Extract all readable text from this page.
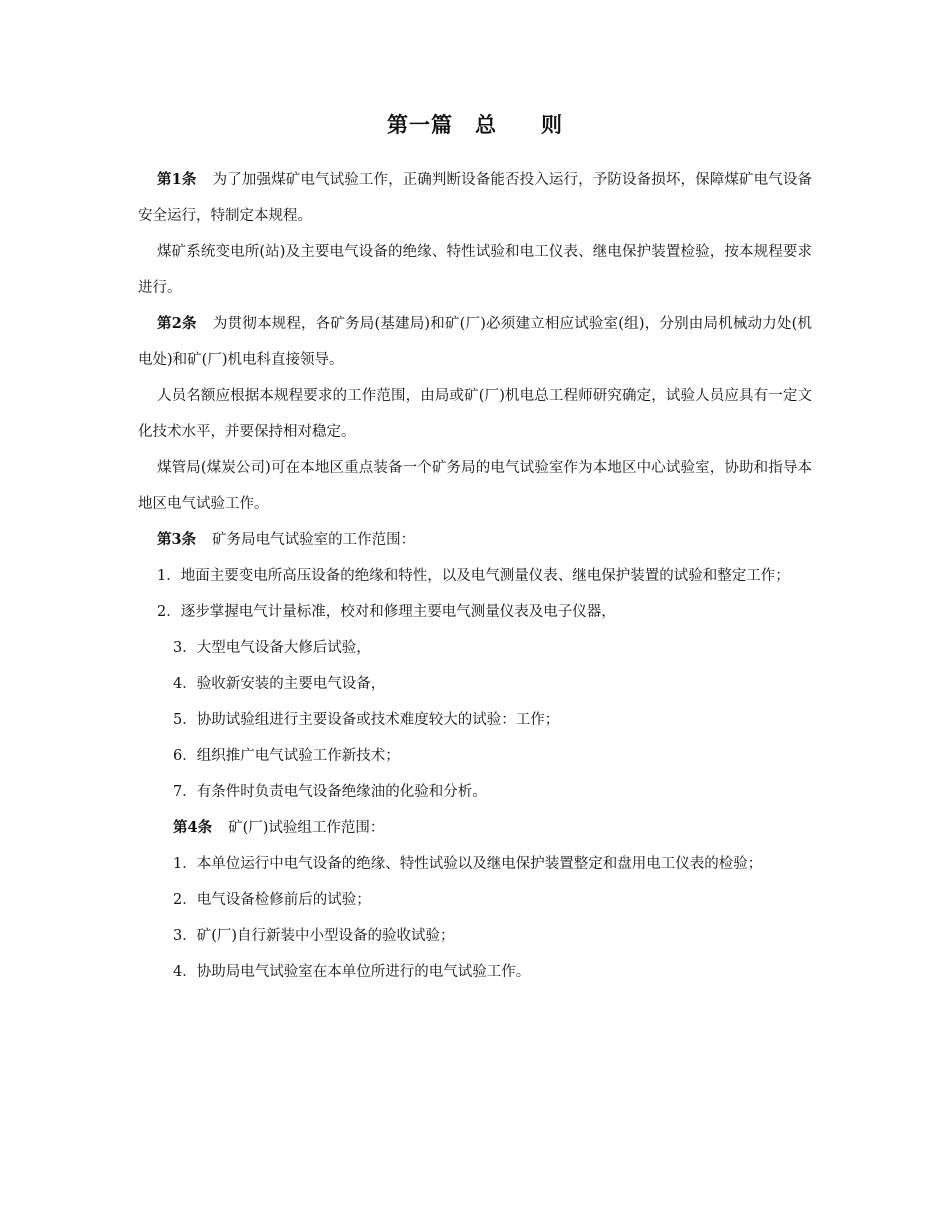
第一篇　总　　则

第1条 为了加强煤矿电气试验工作，正确判断设备能否投入运行，予防设备损坏，保障煤矿电气设备安全运行，特制定本规程。

煤矿系统变电所(站)及主要电气设备的绝缘、特性试验和电工仪表、继电保护装置检验，按本规程要求进行。

第2条 为贯彻本规程，各矿务局(基建局)和矿(厂)必须建立相应试验室(组)，分别由局机械动力处(机电处)和矿(厂)机电科直接领导。

人员名额应根据本规程要求的工作范围，由局或矿(厂)机电总工程师研究确定，试验人员应具有一定文化技术水平，并要保持相对稳定。

煤管局(煤炭公司)可在本地区重点装备一个矿务局的电气试验室作为本地区中心试验室，协助和指导本地区电气试验工作。

第3条 矿务局电气试验室的工作范围：

1．地面主要变电所高压设备的绝缘和特性，以及电气测量仪表、继电保护装置的试验和整定工作；

2．逐步掌握电气计量标准，校对和修理主要电气测量仪表及电子仪器，

3．大型电气设备大修后试验，

4．验收新安装的主要电气设备，

5．协助试验组进行主要设备或技术难度较大的试验：工作；

6．组织推广电气试验工作新技术；

7．有条件时负责电气设备绝缘油的化验和分析。

第4条 矿(厂)试验组工作范围：

1．本单位运行中电气设备的绝缘、特性试验以及继电保护装置整定和盘用电工仪表的检验；

2．电气设备检修前后的试验；

3．矿(厂)自行新装中小型设备的验收试验；

4．协助局电气试验室在本单位所进行的电气试验工作。
